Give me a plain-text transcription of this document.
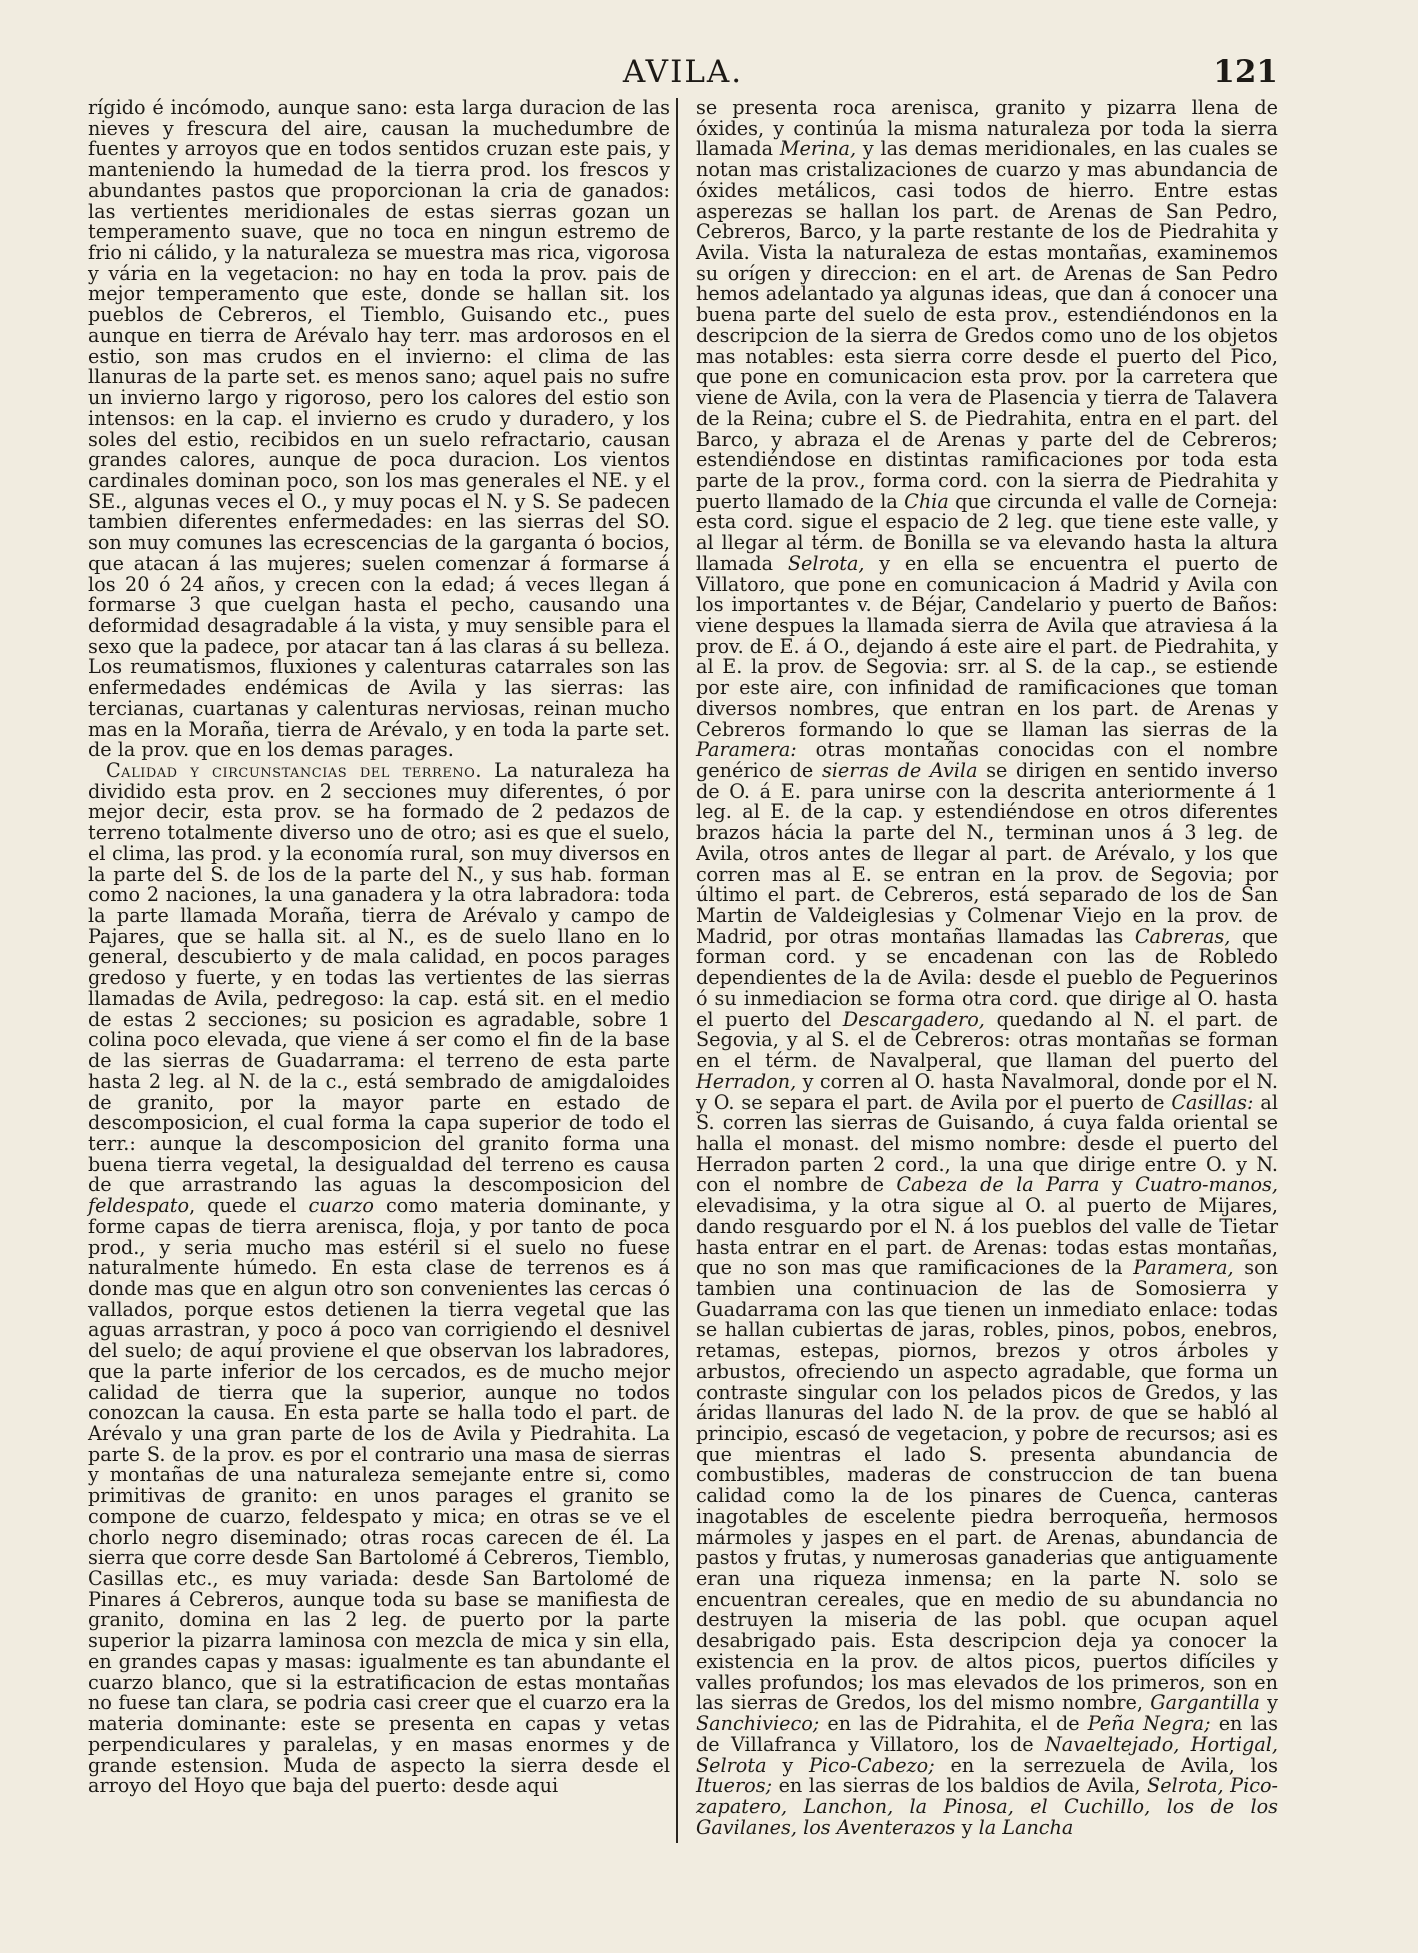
AVILA.	121

rígido é incómodo, aunque sano: esta larga duracion de las nieves y frescura del aire, causan la muchedumbre de fuentes y arroyos que en todos sentidos cruzan este pais, y manteniendo la humedad de la tierra prod. los frescos y abundantes pastos que proporcionan la cria de ganados: las vertientes meridionales de estas sierras gozan un temperamento suave, que no toca en ningun estremo de frio ni cálido, y la naturaleza se muestra mas rica, vigorosa y vária en la vegetacion: no hay en toda la prov. pais de mejor temperamento que este, donde se hallan sit. los pueblos de Cebreros, el Tiemblo, Guisando etc., pues aunque en tierra de Arévalo hay terr. mas ardorosos en el estio, son mas crudos en el invierno: el clima de las llanuras de la parte set. es menos sano; aquel pais no sufre un invierno largo y rigoroso, pero los calores del estio son intensos: en la cap. el invierno es crudo y duradero, y los soles del estio, recibidos en un suelo refractario, causan grandes calores, aunque de poca duracion. Los vientos cardinales dominan poco, son los mas generales el NE. y el SE., algunas veces el O., y muy pocas el N. y S. Se padecen tambien diferentes enfermedades: en las sierras del SO. son muy comunes las ecrescencias de la garganta ó bocios, que atacan á las mujeres; suelen comenzar á formarse á los 20 ó 24 años, y crecen con la edad; á veces llegan á formarse 3 que cuelgan hasta el pecho, causando una deformidad desagradable á la vista, y muy sensible para el sexo que la padece, por atacar tan á las claras á su belleza. Los reumatismos, fluxiones y calenturas catarrales son las enfermedades endémicas de Avila y las sierras: las tercianas, cuartanas y calenturas nerviosas, reinan mucho mas en la Moraña, tierra de Arévalo, y en toda la parte set. de la prov. que en los demas parages.

Calidad y circunstancias del terreno. La naturaleza ha dividido esta prov. en 2 secciones muy diferentes, ó por mejor decir, esta prov. se ha formado de 2 pedazos de terreno totalmente diverso uno de otro; asi es que el suelo, el clima, las prod. y la economía rural, son muy diversos en la parte del S. de los de la parte del N., y sus hab. forman como 2 naciones, la una ganadera y la otra labradora: toda la parte llamada Moraña, tierra de Arévalo y campo de Pajares, que se halla sit. al N., es de suelo llano en lo general, descubierto y de mala calidad, en pocos parages gredoso y fuerte, y en todas las vertientes de las sierras llamadas de Avila, pedregoso: la cap. está sit. en el medio de estas 2 secciones; su posicion es agradable, sobre 1 colina poco elevada, que viene á ser como el fin de la base de las sierras de Guadarrama: el terreno de esta parte hasta 2 leg. al N. de la c., está sembrado de amigdaloides de granito, por la mayor parte en estado de descomposicion, el cual forma la capa superior de todo el terr.: aunque la descomposicion del granito forma una buena tierra vegetal, la desigualdad del terreno es causa de que arrastrando las aguas la descomposicion del feldespato, quede el cuarzo como materia dominante, y forme capas de tierra arenisca, floja, y por tanto de poca prod., y seria mucho mas estéril si el suelo no fuese naturalmente húmedo. En esta clase de terrenos es á donde mas que en algun otro son convenientes las cercas ó vallados, porque estos detienen la tierra vegetal que las aguas arrastran, y poco á poco van corrigiendo el desnivel del suelo; de aquí proviene el que observan los labradores, que la parte inferior de los cercados, es de mucho mejor calidad de tierra que la superior, aunque no todos conozcan la causa. En esta parte se halla todo el part. de Arévalo y una gran parte de los de Avila y Piedrahita. La parte S. de la prov. es por el contrario una masa de sierras y montañas de una naturaleza semejante entre si, como primitivas de granito: en unos parages el granito se compone de cuarzo, feldespato y mica; en otras se ve el chorlo negro diseminado; otras rocas carecen de él. La sierra que corre desde San Bartolomé á Cebreros, Tiemblo, Casillas etc., es muy variada: desde San Bartolomé de Pinares á Cebreros, aunque toda su base se manifiesta de granito, domina en las 2 leg. de puerto por la parte superior la pizarra laminosa con mezcla de mica y sin ella, en grandes capas y masas: igualmente es tan abundante el cuarzo blanco, que si la estratificacion de estas montañas no fuese tan clara, se podria casi creer que el cuarzo era la materia dominante: este se presenta en capas y vetas perpendiculares y paralelas, y en masas enormes y de grande estension. Muda de aspecto la sierra desde el arroyo del Hoyo que baja del puerto: desde aqui

se presenta roca arenisca, granito y pizarra llena de óxides, y continúa la misma naturaleza por toda la sierra llamada Merina, y las demas meridionales, en las cuales se notan mas cristalizaciones de cuarzo y mas abundancia de óxides metálicos, casi todos de hierro. Entre estas asperezas se hallan los part. de Arenas de San Pedro, Cebreros, Barco, y la parte restante de los de Piedrahita y Avila. Vista la naturaleza de estas montañas, examinemos su orígen y direccion: en el art. de Arenas de San Pedro hemos adelantado ya algunas ideas, que dan á conocer una buena parte del suelo de esta prov., estendiéndonos en la descripcion de la sierra de Gredos como uno de los objetos mas notables: esta sierra corre desde el puerto del Pico, que pone en comunicacion esta prov. por la carretera que viene de Avila, con la vera de Plasencia y tierra de Talavera de la Reina; cubre el S. de Piedrahita, entra en el part. del Barco, y abraza el de Arenas y parte del de Cebreros; estendiéndose en distintas ramificaciones por toda esta parte de la prov., forma cord. con la sierra de Piedrahita y puerto llamado de la Chia que circunda el valle de Corneja: esta cord. sigue el espacio de 2 leg. que tiene este valle, y al llegar al térm. de Bonilla se va elevando hasta la altura llamada Selrota, y en ella se encuentra el puerto de Villatoro, que pone en comunicacion á Madrid y Avila con los importantes v. de Béjar, Candelario y puerto de Baños: viene despues la llamada sierra de Avila que atraviesa á la prov. de E. á O., dejando á este aire el part. de Piedrahita, y al E. la prov. de Segovia: srr. al S. de la cap., se estiende por este aire, con infinidad de ramificaciones que toman diversos nombres, que entran en los part. de Arenas y Cebreros formando lo que se llaman las sierras de la Paramera: otras montañas conocidas con el nombre genérico de sierras de Avila se dirigen en sentido inverso de O. á E. para unirse con la descrita anteriormente á 1 leg. al E. de la cap. y estendiéndose en otros diferentes brazos hácia la parte del N., terminan unos á 3 leg. de Avila, otros antes de llegar al part. de Arévalo, y los que corren mas al E. se entran en la prov. de Segovia; por último el part. de Cebreros, está separado de los de San Martin de Valdeiglesias y Colmenar Viejo en la prov. de Madrid, por otras montañas llamadas las Cabreras, que forman cord. y se encadenan con las de Robledo dependientes de la de Avila: desde el pueblo de Peguerinos ó su inmediacion se forma otra cord. que dirige al O. hasta el puerto del Descargadero, quedando al N. el part. de Segovia, y al S. el de Cebreros: otras montañas se forman en el térm. de Navalperal, que llaman del puerto del Herradon, y corren al O. hasta Navalmoral, donde por el N. y O. se separa el part. de Avila por el puerto de Casillas: al S. corren las sierras de Guisando, á cuya falda oriental se halla el monast. del mismo nombre: desde el puerto del Herradon parten 2 cord., la una que dirige entre O. y N. con el nombre de Cabeza de la Parra y Cuatro-manos, elevadisima, y la otra sigue al O. al puerto de Mijares, dando resguardo por el N. á los pueblos del valle de Tietar hasta entrar en el part. de Arenas: todas estas montañas, que no son mas que ramificaciones de la Paramera, son tambien una continuacion de las de Somosierra y Guadarrama con las que tienen un inmediato enlace: todas se hallan cubiertas de jaras, robles, pinos, pobos, enebros, retamas, estepas, piornos, brezos y otros árboles y arbustos, ofreciendo un aspecto agradable, que forma un contraste singular con los pelados picos de Gredos, y las áridas llanuras del lado N. de la prov. de que se habló al principio, escasó de vegetacion, y pobre de recursos; asi es que mientras el lado S. presenta abundancia de combustibles, maderas de construccion de tan buena calidad como la de los pinares de Cuenca, canteras inagotables de escelente piedra berroqueña, hermosos mármoles y jaspes en el part. de Arenas, abundancia de pastos y frutas, y numerosas ganaderias que antiguamente eran una riqueza inmensa; en la parte N. solo se encuentran cereales, que en medio de su abundancia no destruyen la miseria de las pobl. que ocupan aquel desabrigado pais. Esta descripcion deja ya conocer la existencia en la prov. de altos picos, puertos difíciles y valles profundos; los mas elevados de los primeros, son en las sierras de Gredos, los del mismo nombre, Gargantilla y Sanchivieco; en las de Pidrahita, el de Peña Negra; en las de Villafranca y Villatoro, los de Navaeltejado, Hortigal, Selrota y Pico-Cabezo; en la serrezuela de Avila, los Itueros; en las sierras de los baldios de Avila, Selrota, Pico-zapatero, Lanchon, la Pinosa, el Cuchillo, los de los Gavilanes, los Aventerazos y la Lancha
